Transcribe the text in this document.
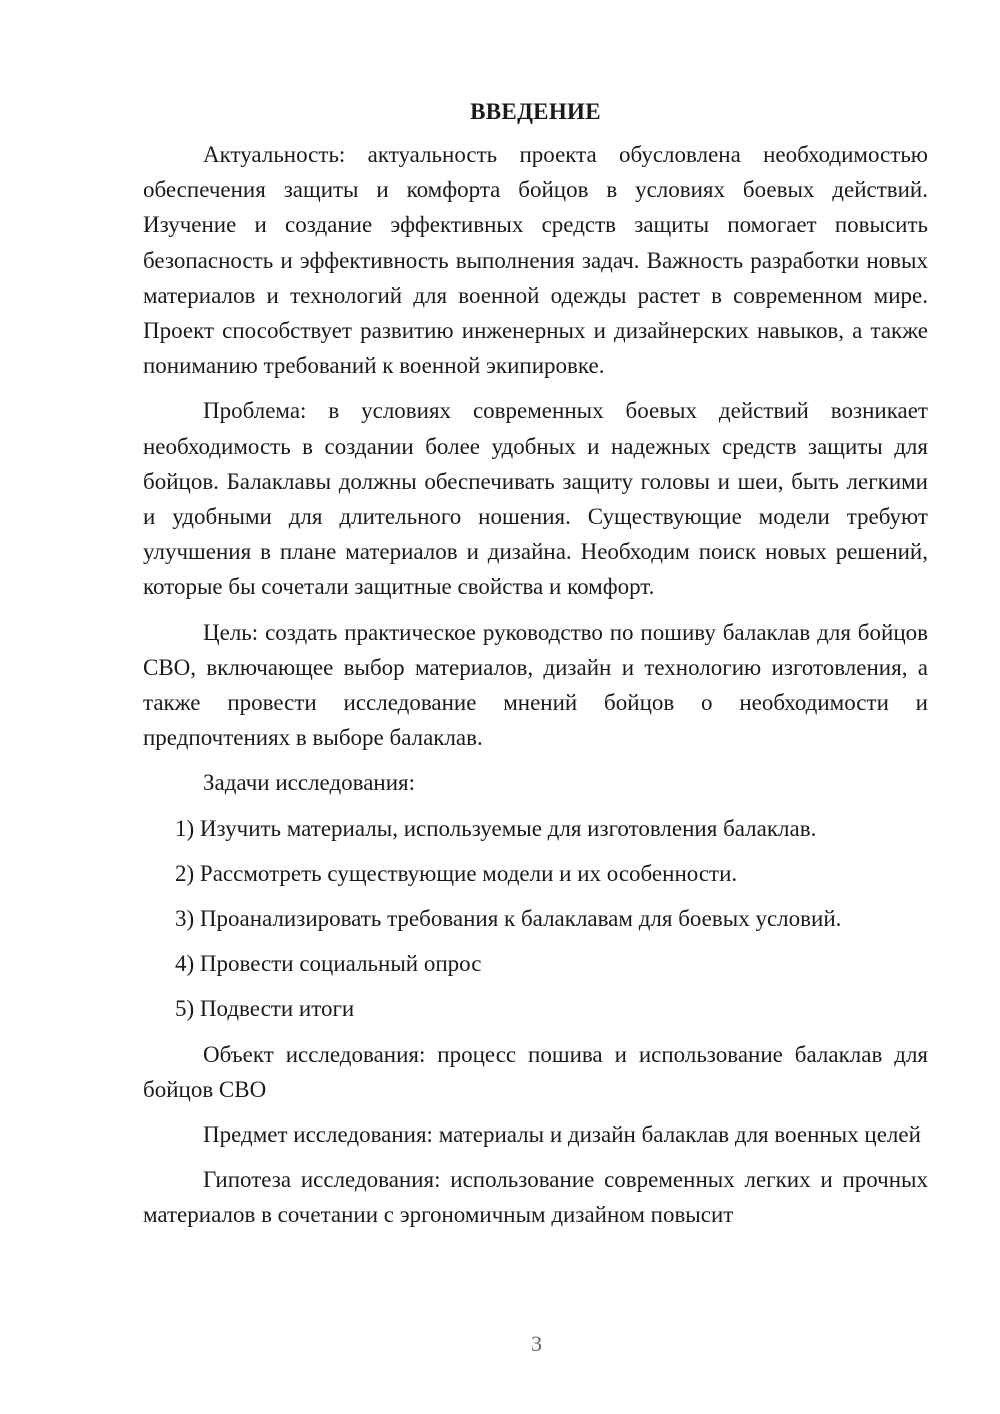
ВВЕДЕНИЕ

Актуальность: актуальность проекта обусловлена необходимостью обеспечения защиты и комфорта бойцов в условиях боевых действий. Изучение и создание эффективных средств защиты помогает повысить безопасность и эффективность выполнения задач. Важность разработки новых материалов и технологий для военной одежды растет в современном мире. Проект способствует развитию инженерных и дизайнерских навыков, а также пониманию требований к военной экипировке.

Проблема: в условиях современных боевых действий возникает необходимость в создании более удобных и надежных средств защиты для бойцов. Балаклавы должны обеспечивать защиту головы и шеи, быть легкими и удобными для длительного ношения. Существующие модели требуют улучшения в плане материалов и дизайна. Необходим поиск новых решений, которые бы сочетали защитные свойства и комфорт.

Цель: создать практическое руководство по пошиву балаклав для бойцов СВО, включающее выбор материалов, дизайн и технологию изготовления, а также провести исследование мнений бойцов о необходимости и предпочтениях в выборе балаклав.

Задачи исследования:

1) Изучить материалы, используемые для изготовления балаклав.
2) Рассмотреть существующие модели и их особенности.
3) Проанализировать требования к балаклавам для боевых условий.
4) Провести социальный опрос
5) Подвести итоги

Объект исследования: процесс пошива и использование балаклав для бойцов СВО

Предмет исследования: материалы и дизайн балаклав для военных целей

Гипотеза исследования: использование современных легких и прочных материалов в сочетании с эргономичным дизайном повысит

3
